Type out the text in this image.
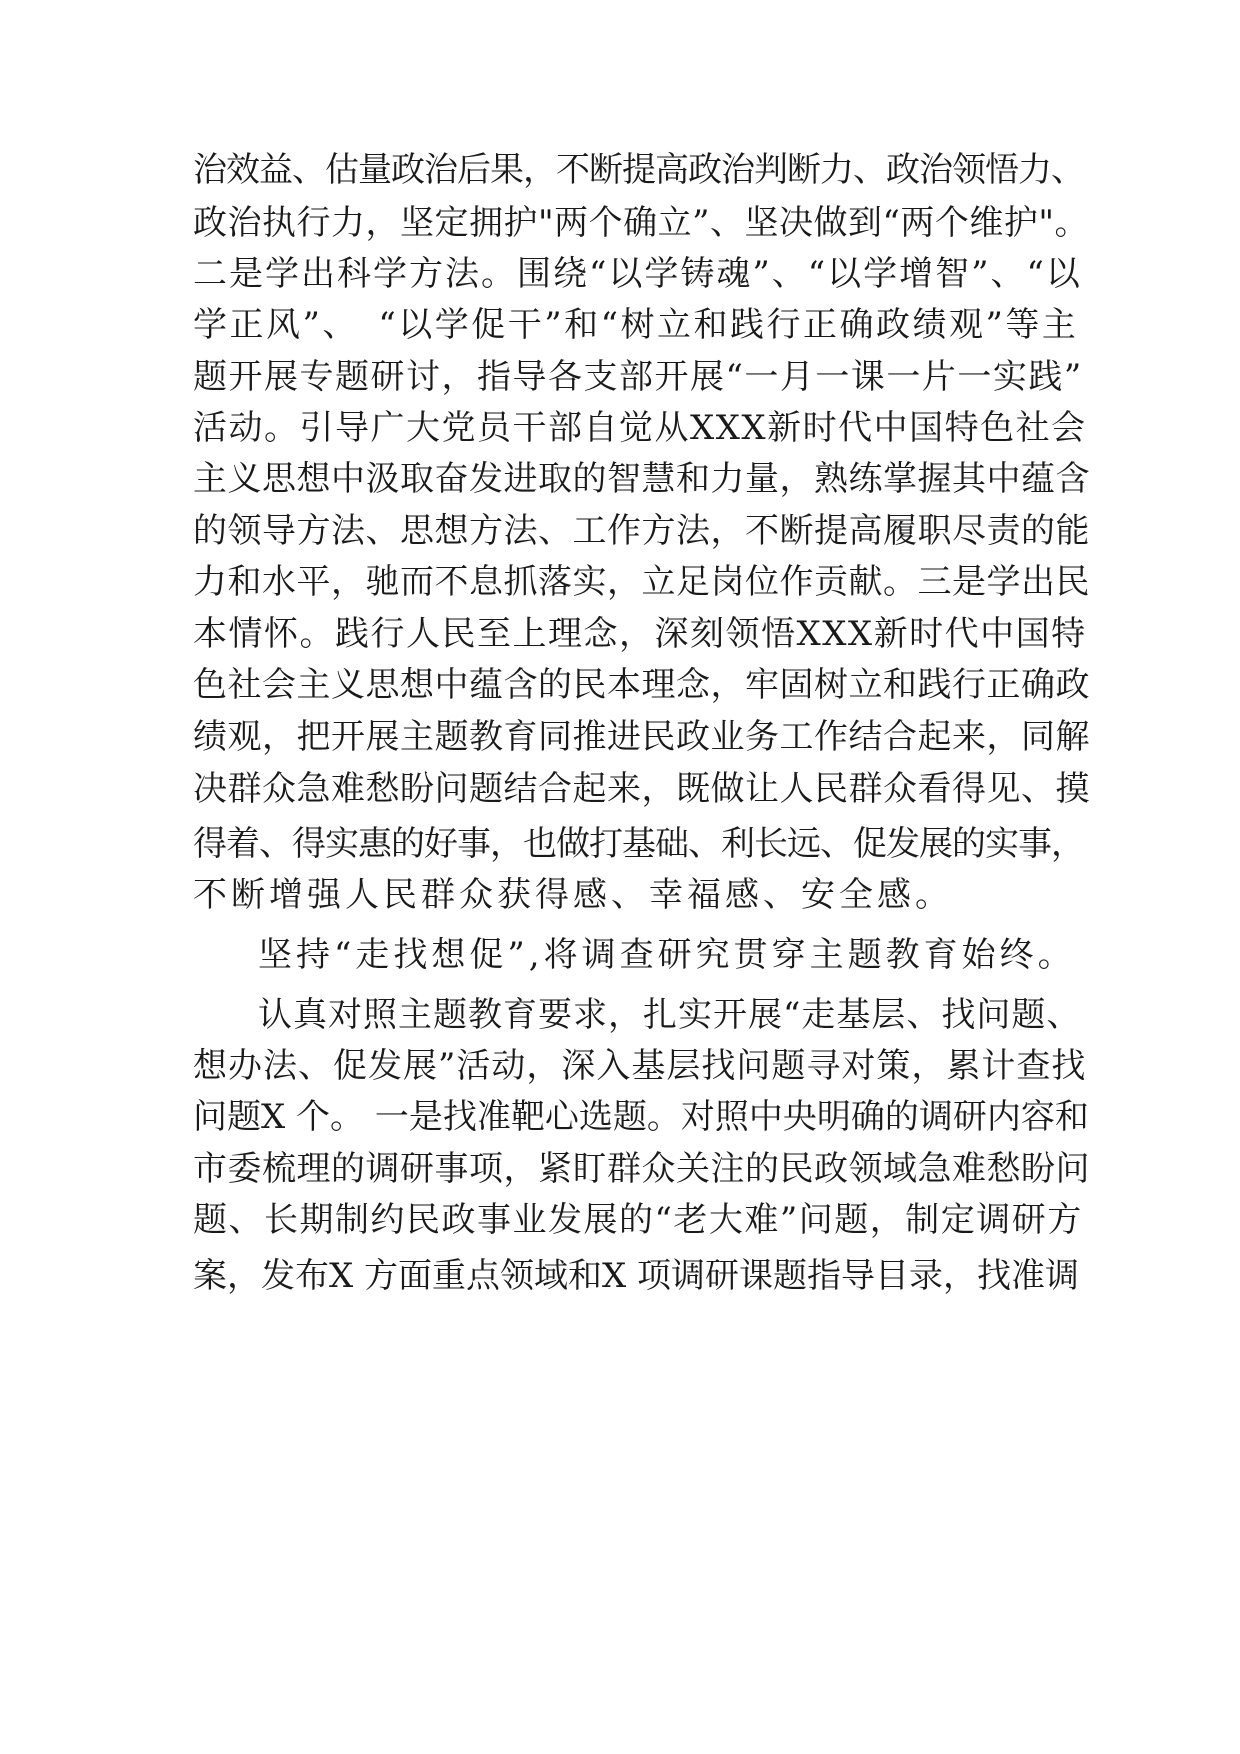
治效益、估量政治后果，不断提高政治判断力、政治领悟力、
政治执行力，坚定拥护"两个确立”、坚决做到“两个维护"。
二是学出科学方法。围绕“以学铸魂”、“以学增智”、“以
学正风”、　“以学促干”和“树立和践行正确政绩观”等主
题开展专题研讨，指导各支部开展“一月一课一片一实践”
活动。引导广大党员干部自觉从XXX新时代中国特色社会
主义思想中汲取奋发进取的智慧和力量，熟练掌握其中蕴含
的领导方法、思想方法、工作方法，不断提高履职尽责的能
力和水平，驰而不息抓落实，立足岗位作贡献。三是学出民
本情怀。践行人民至上理念，深刻领悟XXX新时代中国特
色社会主义思想中蕴含的民本理念，牢固树立和践行正确政
绩观，把开展主题教育同推进民政业务工作结合起来，同解
决群众急难愁盼问题结合起来，既做让人民群众看得见、摸
得着、得实惠的好事，也做打基础、利长远、促发展的实事，
不断增强人民群众获得感、幸福感、安全感。
坚持“走找想促”,将调查研究贯穿主题教育始终。
认真对照主题教育要求，扎实开展“走基层、找问题、
想办法、促发展”活动，深入基层找问题寻对策，累计查找
问题X 个。 一是找准靶心选题。对照中央明确的调研内容和
市委梳理的调研事项，紧盯群众关注的民政领域急难愁盼问
题、长期制约民政事业发展的“老大难”问题，制定调研方
案，发布X 方面重点领域和X 项调研课题指导目录，找准调
